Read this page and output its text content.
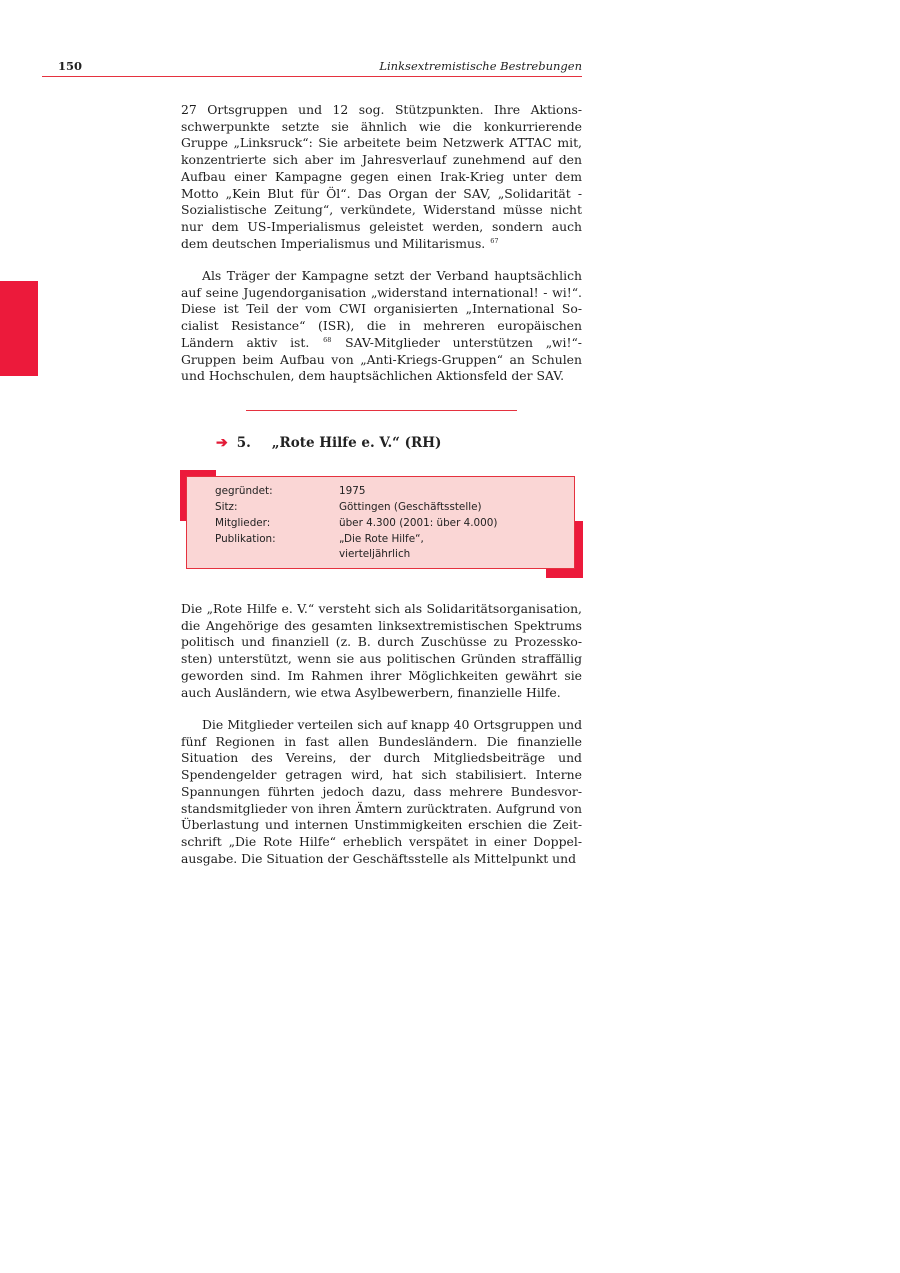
150	Linksextremistische Bestrebungen

27 Ortsgruppen und 12 sog. Stützpunkten. Ihre Aktionsschwerpunkte setzte sie ähnlich wie die konkurrierende Gruppe „Linksruck“: Sie arbeitete beim Netzwerk ATTAC mit, konzentrierte sich aber im Jahresverlauf zunehmend auf den Aufbau einer Kampagne gegen einen Irak-Krieg unter dem Motto „Kein Blut für Öl“. Das Organ der SAV, „Solidarität - Sozialistische Zeitung“, verkündete, Widerstand müsse nicht nur dem US-Imperialismus geleistet werden, sondern auch dem deutschen Imperialismus und Militarismus. $^{67}$

Als Träger der Kampagne setzt der Verband hauptsächlich auf seine Jugendorganisation „widerstand international! - wi!“. Diese ist Teil der vom CWI organisierten „International Socialist Resistance“ (ISR), die in mehreren europäischen Ländern aktiv ist. $^{68}$ SAV-Mitglieder unterstützen „wi!“-Gruppen beim Aufbau von „Anti-Kriegs-Gruppen“ an Schulen und Hochschulen, dem hauptsächlichen Aktionsfeld der SAV.

➔ 5.	„Rote Hilfe e. V.“ (RH)
gegründet:	1975
Sitz:	Göttingen (Geschäftsstelle)
Mitglieder:	über 4.300 (2001: über 4.000)
Publikation:	„Die Rote Hilfe“,
vierteljährlich

Die „Rote Hilfe e. V.“ versteht sich als Solidaritätsorganisation, die Angehörige des gesamten linksextremistischen Spektrums politisch und finanziell (z. B. durch Zuschüsse zu Prozesskosten) unterstützt, wenn sie aus politischen Gründen straffällig geworden sind. Im Rahmen ihrer Möglichkeiten gewährt sie auch Ausländern, wie etwa Asylbewerbern, finanzielle Hilfe.

Die Mitglieder verteilen sich auf knapp 40 Ortsgruppen und fünf Regionen in fast allen Bundesländern. Die finanzielle Situation des Vereins, der durch Mitgliedsbeiträge und Spendengelder getragen wird, hat sich stabilisiert. Interne Spannungen führten jedoch dazu, dass mehrere Bundesvorstandsmitglieder von ihren Ämtern zurücktraten. Aufgrund von Überlastung und internen Unstimmigkeiten erschien die Zeitschrift „Die Rote Hilfe“ erheblich verspätet in einer Doppelausgabe. Die Situation der Geschäftsstelle als Mittelpunkt und
